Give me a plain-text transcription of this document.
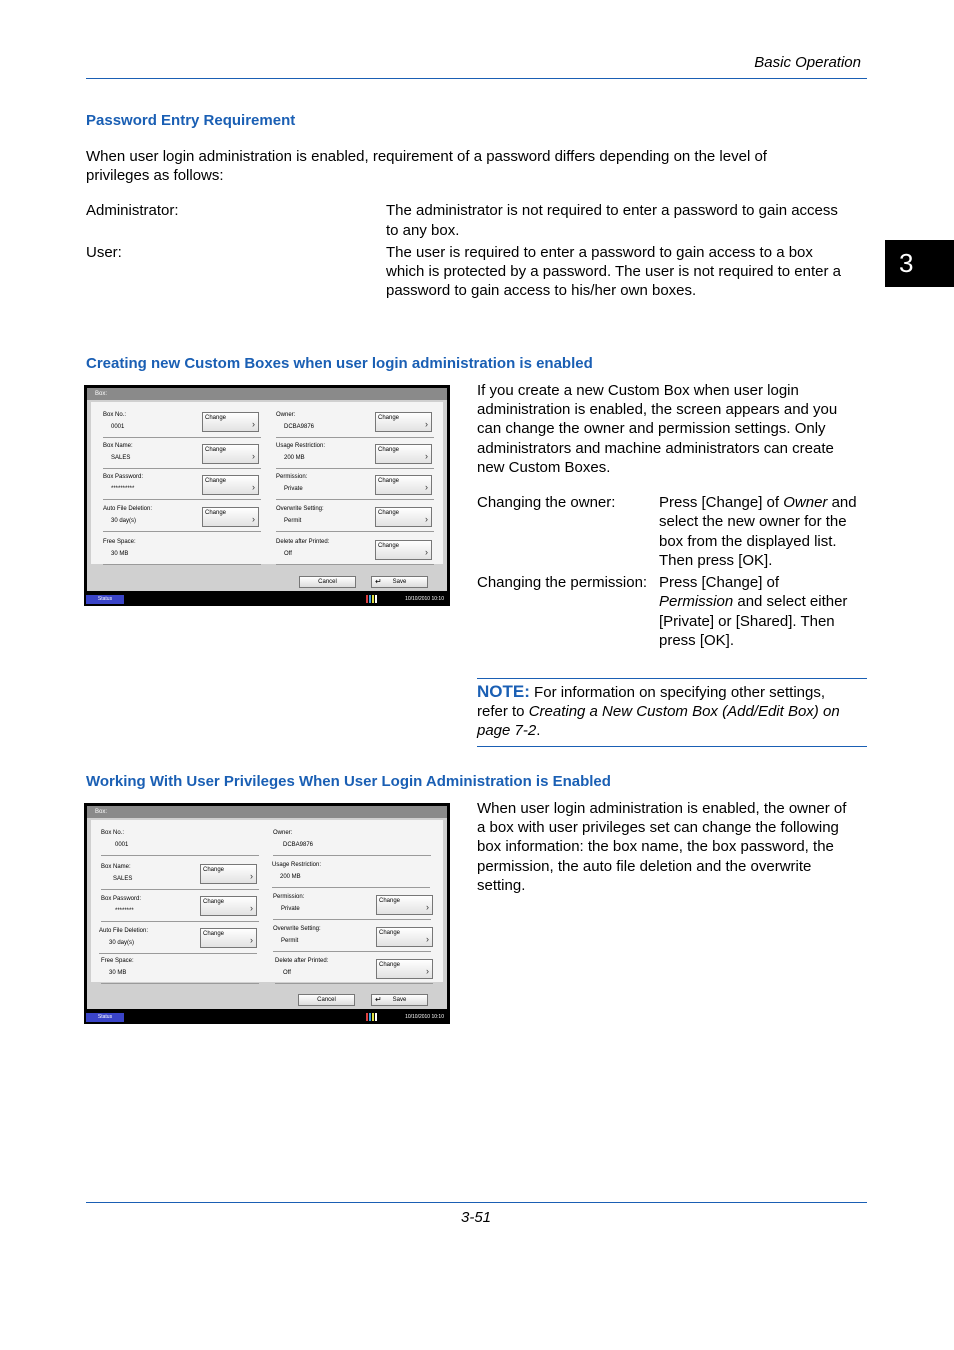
Basic Operation
3
Password Entry Requirement
When user login administration is enabled, requirement of a password differs depending on the level of
privileges as follows:
Administrator:	The administrator is not required to enter a password to gain access
to any box.
User:	The user is required to enter a password to gain access to a box
which is protected by a password. The user is not required to enter a
password to gain access to his/her own boxes.
Creating new Custom Boxes when user login administration is enabled
Box:
Box No.:
0001
Change
›
Box Name:
SALES
Change
›
Box Password:
**********
Change
›
Auto File Deletion:
30 day(s)
Change
›
Free Space:
30 MB
Owner:
DCBA9876
Change
›
Usage Restriction:
200 MB
Change
›
Permission:
Private
Change
›
Overwrite Setting:
Permit
Change
›
Delete after Printed:
Off
Change
›
Cancel	↵ Save
Status	10/10/2010 10:10
If you create a new Custom Box when user login
administration is enabled, the screen appears and you
can change the owner and permission settings. Only
administrators and machine administrators can create
new Custom Boxes.
Changing the owner:	Press [Change] of Owner and
select the new owner for the
box from the displayed list.
Then press [OK].
Changing the permission: Press [Change] of
Permission and select either
[Private] or [Shared]. Then
press [OK].
NOTE: For information on specifying other settings,
refer to Creating a New Custom Box (Add/Edit Box) on
page 7-2.
Working With User Privileges When User Login Administration is Enabled
Box:
Box No.:
0001
Box Name:
SALES
Change
›
Box Password:
********
Change
›
Auto File Deletion:
30 day(s)
Change
›
Free Space:
30 MB
Owner:
DCBA9876
Usage Restriction:
200 MB
Permission:
Private
Change
›
Overwrite Setting:
Permit
Change
›
Delete after Printed:
Off
Change
›
Cancel	↵ Save
Status	10/10/2010 10:10
When user login administration is enabled, the owner of
a box with user privileges set can change the following
box information: the box name, the box password, the
permission, the auto file deletion and the overwrite
setting.
3-51
